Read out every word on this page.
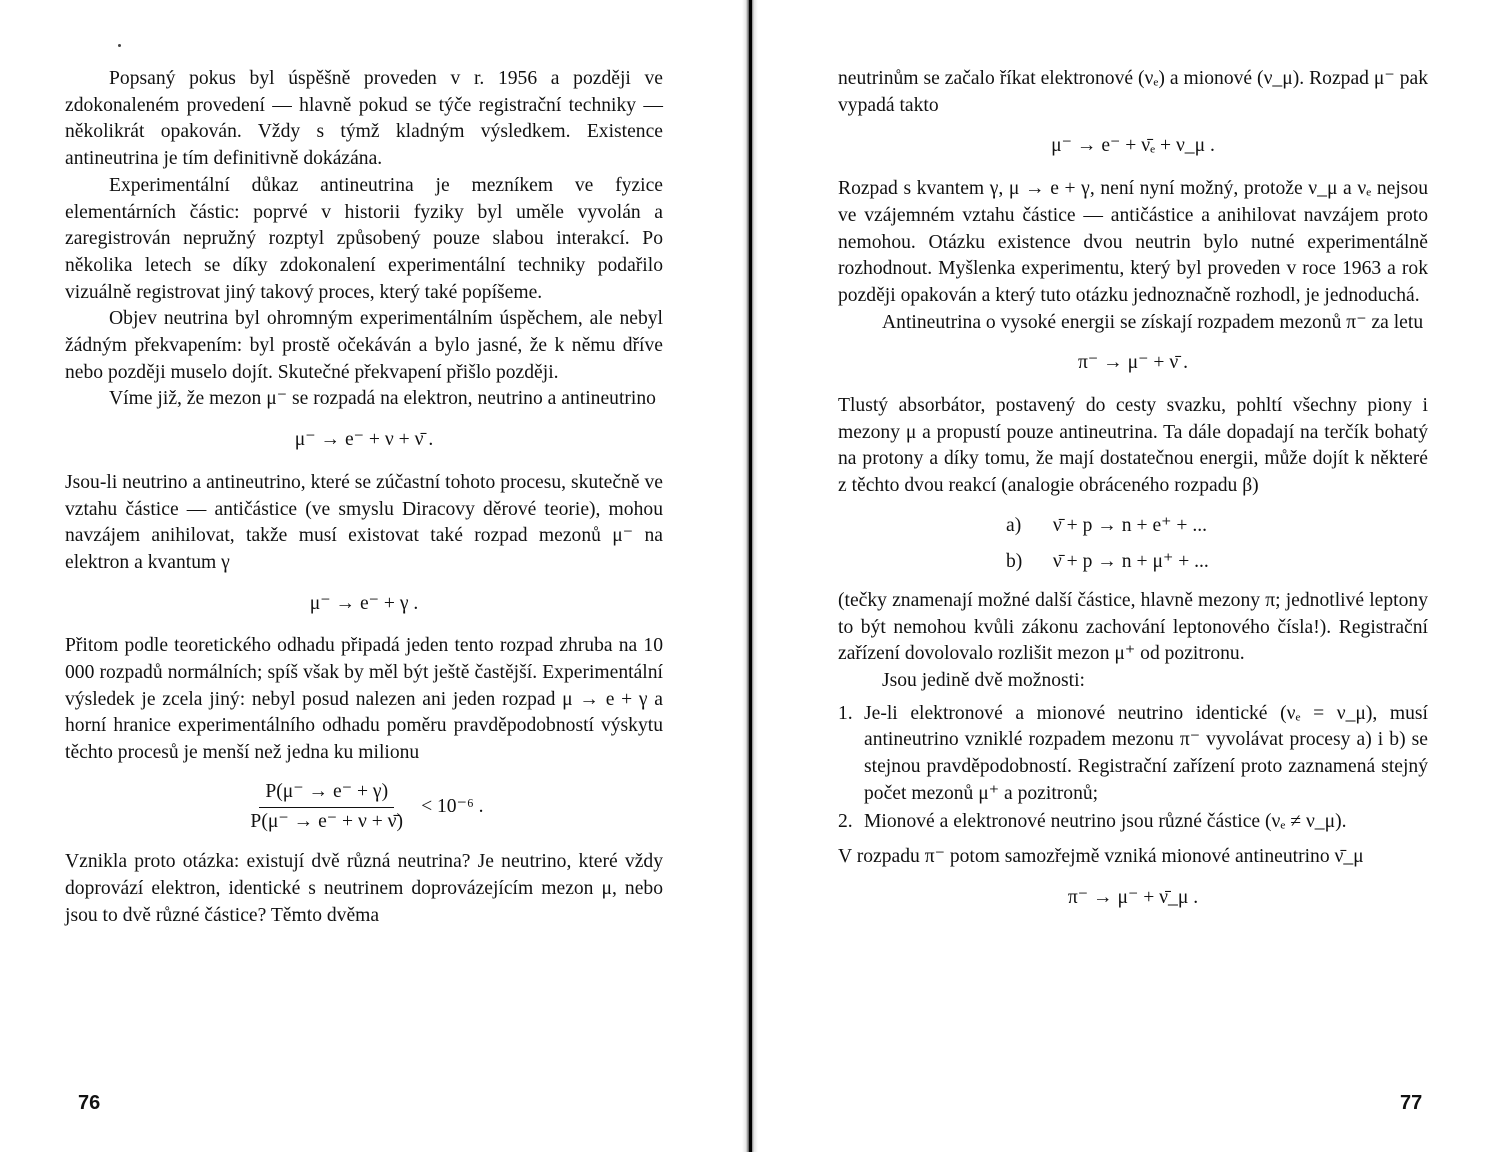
Popsaný pokus byl úspěšně proveden v r. 1956 a později ve zdokonaleném provedení — hlavně pokud se týče registrační techniky — několikrát opakován. Vždy s týmž kladným výsledkem. Existence antineutrina je tím definitivně dokázána.

Experimentální důkaz antineutrina je mezníkem ve fyzice elementárních částic: poprvé v historii fyziky byl uměle vyvolán a zaregistrován nepružný rozptyl způsobený pouze slabou interakcí. Po několika letech se díky zdokonalení experimentální techniky podařilo vizuálně registrovat jiný takový proces, který také popíšeme.

Objev neutrina byl ohromným experimentálním úspěchem, ale nebyl žádným překvapením: byl prostě očekáván a bylo jasné, že k němu dříve nebo později muselo dojít. Skutečné překvapení přišlo později.

Víme již, že mezon μ⁻ se rozpadá na elektron, neutrino a antineutrino

μ⁻ → e⁻ + ν + ν̄ .

Jsou-li neutrino a antineutrino, které se zúčastní tohoto procesu, skutečně ve vztahu částice — antičástice (ve smyslu Diracovy děrové teorie), mohou navzájem anihilovat, takže musí existovat také rozpad mezonů μ⁻ na elektron a kvantum γ

μ⁻ → e⁻ + γ .

Přitom podle teoretického odhadu připadá jeden tento rozpad zhruba na 10 000 rozpadů normálních; spíš však by měl být ještě častější. Experimentální výsledek je zcela jiný: nebyl posud nalezen ani jeden rozpad μ → e + γ a horní hranice experimentálního odhadu poměru pravděpodobností výskytu těchto procesů je menší než jedna ku milionu

$\frac{P(\mu^- \to e^- + \gamma)}{P(\mu^- \to e^- + \nu + \nū)} < 10^{-6}$ .

Vznikla proto otázka: existují dvě různá neutrina? Je neutrino, které vždy doprovází elektron, identické s neutrinem doprovázejícím mezon μ, nebo jsou to dvě různé částice? Těmto dvěma

76

neutrinům se začalo říkat elektronové (νₑ) a mionové (ν_μ). Rozpad μ⁻ pak vypadá takto

μ⁻ → e⁻ + ν̄ₑ + ν_μ .

Rozpad s kvantem γ, μ → e + γ, není nyní možný, protože ν_μ a νₑ nejsou ve vzájemném vztahu částice — antičástice a anihilovat navzájem proto nemohou. Otázku existence dvou neutrin bylo nutné experimentálně rozhodnout. Myšlenka experimentu, který byl proveden v roce 1963 a rok později opakován a který tuto otázku jednoznačně rozhodl, je jednoduchá.

Antineutrina o vysoké energii se získají rozpadem mezonů π⁻ za letu

π⁻ → μ⁻ + ν̄ .

Tlustý absorbátor, postavený do cesty svazku, pohltí všechny piony i mezony μ a propustí pouze antineutrina. Ta dále dopadají na terčík bohatý na protony a díky tomu, že mají dostatečnou energii, může dojít k některé z těchto dvou reakcí (analogie obráceného rozpadu β)

a) ν̄ + p → n + e⁺ + ...
b) ν̄ + p → n + μ⁺ + ...

(tečky znamenají možné další částice, hlavně mezony π; jednotlivé leptony to být nemohou kvůli zákonu zachování leptonového čísla!). Registrační zařízení dovolovalo rozlišit mezon μ⁺ od pozitronu.

Jsou jedině dvě možnosti:

1. Je-li elektronové a mionové neutrino identické (νₑ = ν_μ), musí antineutrino vzniklé rozpadem mezonu π⁻ vyvolávat procesy a) i b) se stejnou pravděpodobností. Registrační zařízení proto zaznamená stejný počet mezonů μ⁺ a pozitronů;
2. Mionové a elektronové neutrino jsou různé částice (νₑ ≠ ν_μ).

V rozpadu π⁻ potom samozřejmě vzniká mionové antineutrino ν̄_μ

π⁻ → μ⁻ + ν̄_μ .
77
